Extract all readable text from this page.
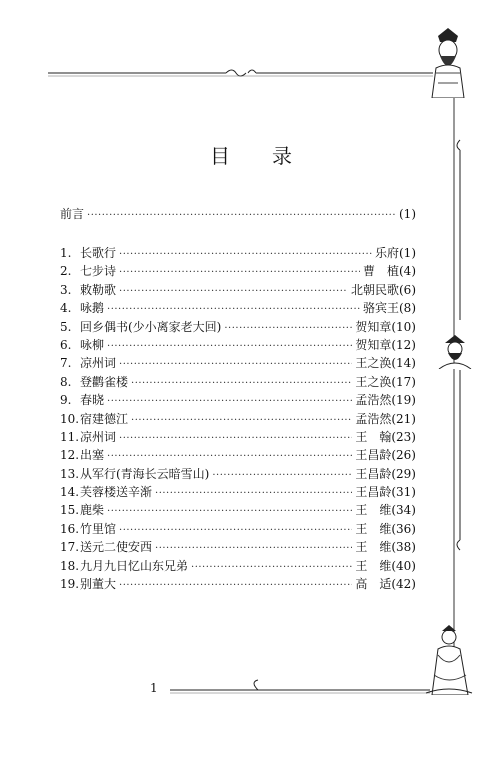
目 录
前言 ·····	(1)
1. 长歌行 ·····	乐府 (1)
2. 七步诗 ·····	曹　植 (4)
3. 敕勒歌 ·····	北朝民歌 (6)
4. 咏鹅 ·····	骆宾王 (8)
5. 回乡偶书(少小离家老大回) ·····	贺知章 (10)
6. 咏柳 ·····	贺知章 (12)
7. 凉州词 ·····	王之涣 (14)
8. 登鹳雀楼 ·····	王之涣 (17)
9. 春晓 ·····	孟浩然 (19)
10. 宿建德江 ·····	孟浩然 (21)
11. 凉州词 ·····	王　翰 (23)
12. 出塞 ·····	王昌龄 (26)
13. 从军行(青海长云暗雪山) ·····	王昌龄 (29)
14. 芙蓉楼送辛渐 ·····	王昌龄 (31)
15. 鹿柴 ·····	王　维 (34)
16. 竹里馆 ·····	王　维 (36)
17. 送元二使安西 ·····	王　维 (38)
18. 九月九日忆山东兄弟 ·····	王　维 (40)
19. 别董大 ·····	高　适 (42)
1
